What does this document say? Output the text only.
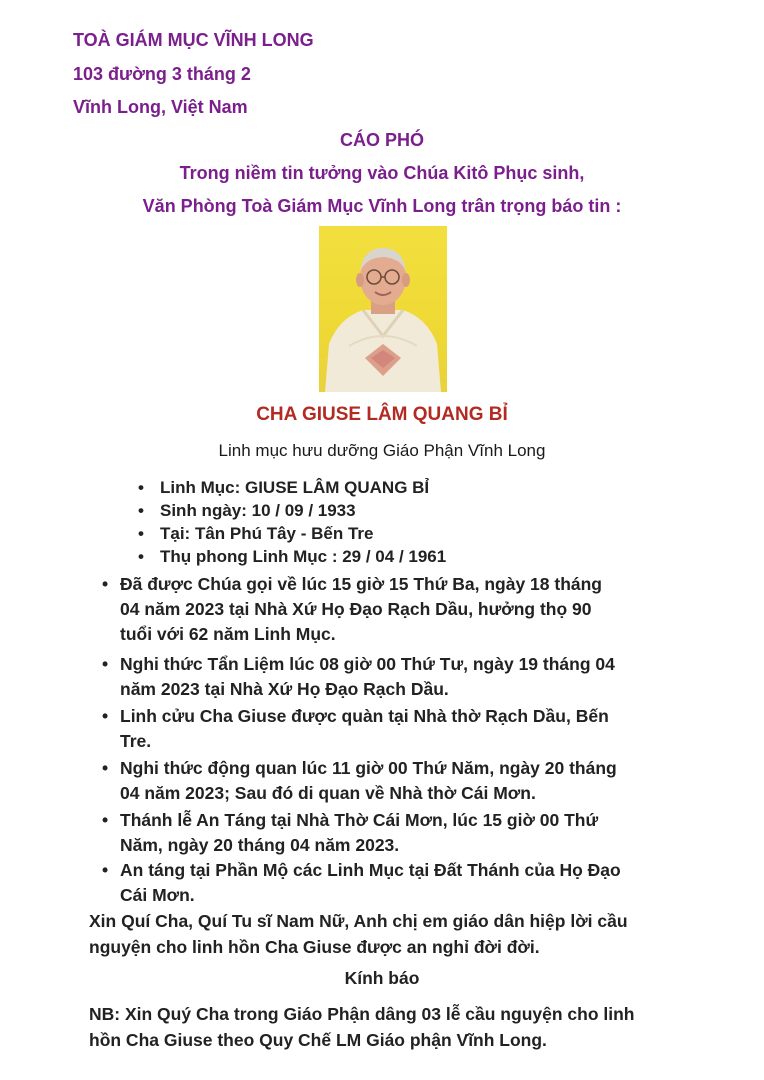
TOÀ GIÁM MỤC VĨNH LONG
103 đường 3 tháng 2
Vĩnh Long, Việt Nam
CÁO PHÓ
Trong niềm tin tưởng vào Chúa Kitô Phục sinh,
Văn Phòng Toà Giám Mục Vĩnh Long trân trọng báo tin :
CHA GIUSE LÂM QUANG BỈ
Linh mục hưu dưỡng Giáo Phận Vĩnh Long
• Linh Mục: GIUSE LÂM QUANG BỈ
• Sinh ngày: 10 / 09 / 1933
• Tại: Tân Phú Tây - Bến Tre
• Thụ phong Linh Mục : 29 / 04 / 1961
• Đã được Chúa gọi về lúc 15 giờ 15 Thứ Ba, ngày 18 tháng
04 năm 2023 tại Nhà Xứ Họ Đạo Rạch Dầu, hưởng thọ 90
tuổi với 62 năm Linh Mục.
• Nghi thức Tẩn Liệm lúc 08 giờ 00 Thứ Tư, ngày 19 tháng 04
năm 2023 tại Nhà Xứ Họ Đạo Rạch Dầu.
• Linh cửu Cha Giuse được quàn tại Nhà thờ Rạch Dầu, Bến
Tre.
• Nghi thức động quan lúc 11 giờ 00 Thứ Năm, ngày 20 tháng
04 năm 2023; Sau đó di quan về Nhà thờ Cái Mơn.
• Thánh lễ An Táng tại Nhà Thờ Cái Mơn, lúc 15 giờ 00 Thứ
Năm, ngày 20 tháng 04 năm 2023.
• An táng tại Phần Mộ các Linh Mục tại Đất Thánh của Họ Đạo
Cái Mơn.
Xin Quí Cha, Quí Tu sĩ Nam Nữ, Anh chị em giáo dân hiệp lời cầu
nguyện cho linh hồn Cha Giuse được an nghỉ đời đời.
Kính báo
NB: Xin Quý Cha trong Giáo Phận dâng 03 lễ cầu nguyện cho linh
hồn Cha Giuse theo Quy Chế LM Giáo phận Vĩnh Long.
